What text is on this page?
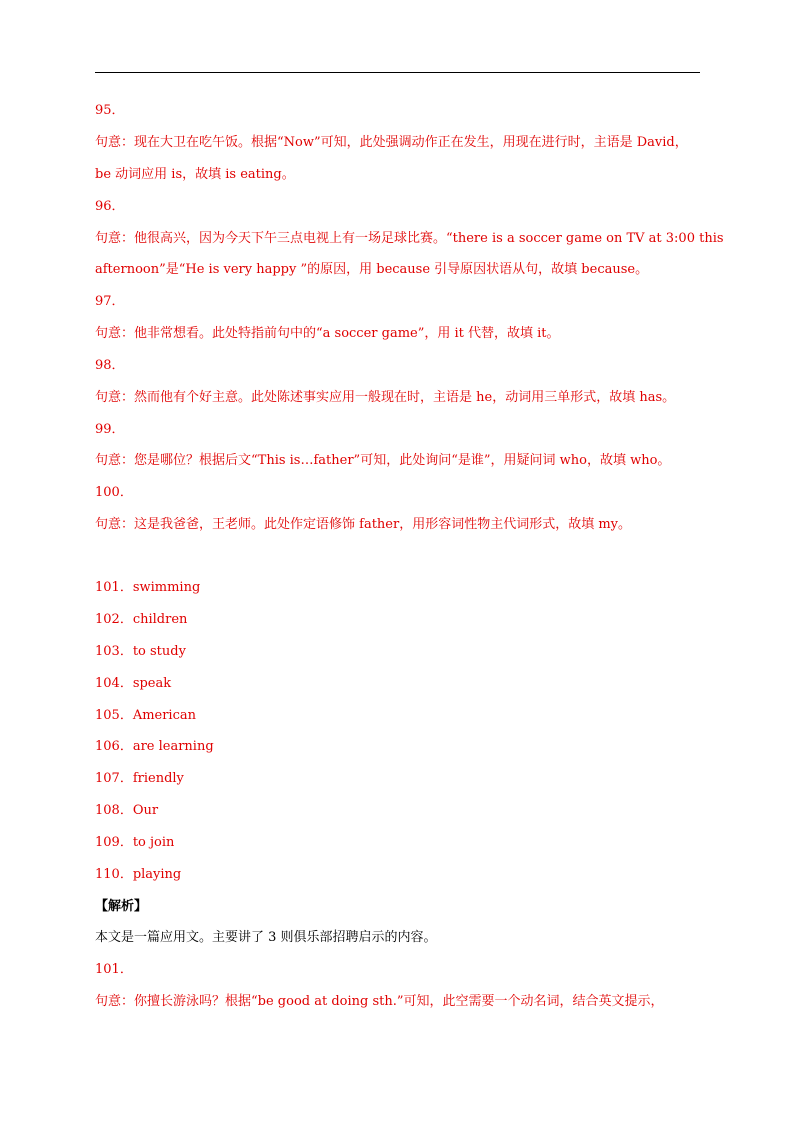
95．
句意：现在大卫在吃午饭。根据“Now”可知，此处强调动作正在发生，用现在进行时，主语是 David，
be 动词应用 is，故填 is eating。
96．
句意：他很高兴，因为今天下午三点电视上有一场足球比赛。“there is a soccer game on TV at 3:00 this
afternoon”是“He is very happy ”的原因，用 because 引导原因状语从句，故填 because。
97．
句意：他非常想看。此处特指前句中的“a soccer game”，用 it 代替，故填 it。
98．
句意：然而他有个好主意。此处陈述事实应用一般现在时，主语是 he，动词用三单形式，故填 has。
99．
句意：您是哪位？根据后文“This is…father”可知，此处询问“是谁”，用疑问词 who，故填 who。
100．
句意：这是我爸爸，王老师。此处作定语修饰 father，用形容词性物主代词形式，故填 my。
101．swimming
102．children
103．to study
104．speak
105．American
106．are learning
107．friendly
108．Our
109．to join
110．playing
【解析】
本文是一篇应用文。主要讲了 3 则俱乐部招聘启示的内容。
101．
句意：你擅长游泳吗？根据“be good at doing sth.”可知，此空需要一个动名词，结合英文提示，
